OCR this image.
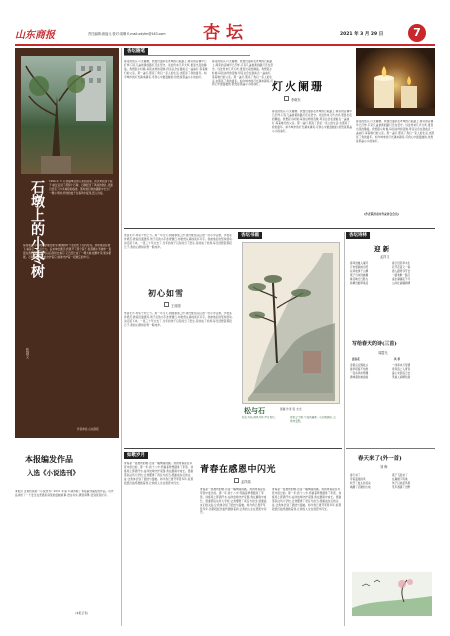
山东商报	责任编辑:唐福元 校对:周珊 E-mail:xdyfm@163.com 杏坛	2021 年 3 月 29 日	7
石墩上的小枣树
张国文
1994 年 3 月,我随单位的人来到这里。初次来到这个院子,就注意到了那两个石墩。石墩经历了风雨的洗礼,表面已经有了许多斑驳的痕迹。那时候石墩的缝隙中长出了一棵小枣树,纤细的枝干在春风中摇曳,惹人怜爱。
每到春天,小枣树就会抽出新芽,嫩绿的叶子在阳光下闪闪发亮。我常常站在树下,看着它一点点长大。后来单位搬迁,我离开了那个院子,但那棵小枣树却一直留在我的心里。多年以后我回去看它,它已经长成了一棵大树,枝繁叶茂,果实累累。石墩依然静静地守护着它,就像守护着一段难忘的岁月。
作者单位:山东商报
本报编发作品
入选《小说选刊》
本报讯 近期出版的《小说选刊》2021 年第 3 期选载了本报副刊编发的作品。该作品讲述了一个发生在普通家庭里的温暖故事,语言朴实,情感真挚,受到读者好评。
(本报记者)
杏坛随笔
春夜的街头,灯火阑珊。我独自漫步在老城的石板路上,两旁的店铺早已打烊,只有几盏昏黄的路灯还在坚守。远处传来几声犬吠,更显出夜的静谧。我想起小时候,每到这样的夜晚,母亲总会在窗前点一盏油灯,等着晚归的父亲。那一盏灯,照亮了我们一家人的生活,也照亮了我的童年。如今城市的灯光越来越亮,可我心中最温暖的,依然是那盏小小的油灯。
春夜的街头,灯火阑珊。我独自漫步在老城的石板路上,两旁的店铺早已打烊,只有几盏昏黄的路灯还在坚守。远处传来几声犬吠,更显出夜的静谧。我想起小时候,每到这样的夜晚,母亲总会在窗前点一盏油灯,等着晚归的父亲。那一盏灯,照亮了我们一家人的生活,也照亮了我的童年。如今城市的灯光越来越亮,可我心中最温暖的,依然是那盏小小的油灯。 灯火阑珊
李晓东
春夜的街头,灯火阑珊。我独自漫步在老城的石板路上,两旁的店铺早已打烊,只有几盏昏黄的路灯还在坚守。远处传来几声犬吠,更显出夜的静谧。我想起小时候,每到这样的夜晚,母亲总会在窗前点一盏油灯,等着晚归的父亲。那一盏灯,照亮了我们一家人的生活,也照亮了我的童年。如今城市的灯光越来越亮,可我心中最温暖的,依然是那盏小小的油灯。
春夜的街头,灯火阑珊。我独自漫步在老城的石板路上,两旁的店铺早已打烊,只有几盏昏黄的路灯还在坚守。远处传来几声犬吠,更显出夜的静谧。我想起小时候,每到这样的夜晚,母亲总会在窗前点一盏油灯,等着晚归的父亲。那一盏灯,照亮了我们一家人的生活,也照亮了我的童年。如今城市的灯光越来越亮,可我心中最温暖的,依然是那盏小小的油灯。
(作者系济南市作家协会会员)
雪落无声,却有千钧之力。那一年冬天,我刚参加工作,被分配到山区的一所小学任教。学校条件艰苦,教室四面透风,孩子们的小手冻得通红,却依然认真地读书写字。我被他们的坚持感动,决定留下来。一晃三十年过去了,当年的孩子们有的当了医生,有的成了老师,每当回想起那段日子,我的心便如初雪一般纯净。
初心如雪
王成刚
雪落无声,却有千钧之力。那一年冬天,我刚参加工作,被分配到山区的一所小学任教。学校条件艰苦,教室四面透风,孩子们的小手冻得通红,却依然认真地读书写字。我被他们的坚持感动,决定留下来。一晃三十年过去了,当年的孩子们有的当了医生,有的成了老师,每当回想起那段日子,我的心便如初雪一般纯净。
杏坛书画
松与石	国画 作者:张 志龙
松石为邻,清风为伴,岁月悠长。	苍松立于崖,不畏风霜寒。心若如磐石,云卷亦安然。
杏坛诗林
迎 新
孟祥义
春风送暖入屠苏
万象更新换旧符
东风吹绿千山柳
燕子归来绕画檐
桃花映日红胜火
杨柳含烟翠欲流
春日迟迟草木生
花开花落又一春
游人踏青寻芳去
一路欢歌一路行
溪水潺潺流不尽
山河壮丽耀新晴
写给春天的诗(三首)
周霞光
迎春花
金黄点点缀枝头
最早报春不怕寒
一夜东风吹梦醒
满城春色映窗前
风 筝
一线牵来万里情
乘风直上入青冥
童心未泯追云去
笑看人间柳色新
春天来了(外一首)
刘 梅
春天来了
带着温柔的风
吹开了枝头的花朵
唤醒了沉睡的大地
燕子飞回来了
在屋檐下筑巢
孩子们放起风筝
笑声洒满了田野
如歌岁月
青春是一首激昂的歌,也是一幅绚丽的画。我的青春是在军营中度过的。那一年,我十八岁,怀揣着梦想踏进了军营。训练场上挥洒汗水,站岗放哨守护家园,我在磨砺中成长。感谢部队这所大学校,让我懂得了责任与担当;感谢战友们的关爱,让我体会到了团结与温暖。如今我已离开军营多年,但那段经历始终激励着我,让我的人生在感恩中闪光。
青春在感恩中闪光
孟祥瑞
青春是一首激昂的歌,也是一幅绚丽的画。我的青春是在军营中度过的。那一年,我十八岁,怀揣着梦想踏进了军营。训练场上挥洒汗水,站岗放哨守护家园,我在磨砺中成长。感谢部队这所大学校,让我懂得了责任与担当;感谢战友们的关爱,让我体会到了团结与温暖。如今我已离开军营多年,但那段经历始终激励着我,让我的人生在感恩中闪光。
青春是一首激昂的歌,也是一幅绚丽的画。我的青春是在军营中度过的。那一年,我十八岁,怀揣着梦想踏进了军营。训练场上挥洒汗水,站岗放哨守护家园,我在磨砺中成长。感谢部队这所大学校,让我懂得了责任与担当;感谢战友们的关爱,让我体会到了团结与温暖。如今我已离开军营多年,但那段经历始终激励着我,让我的人生在感恩中闪光。
